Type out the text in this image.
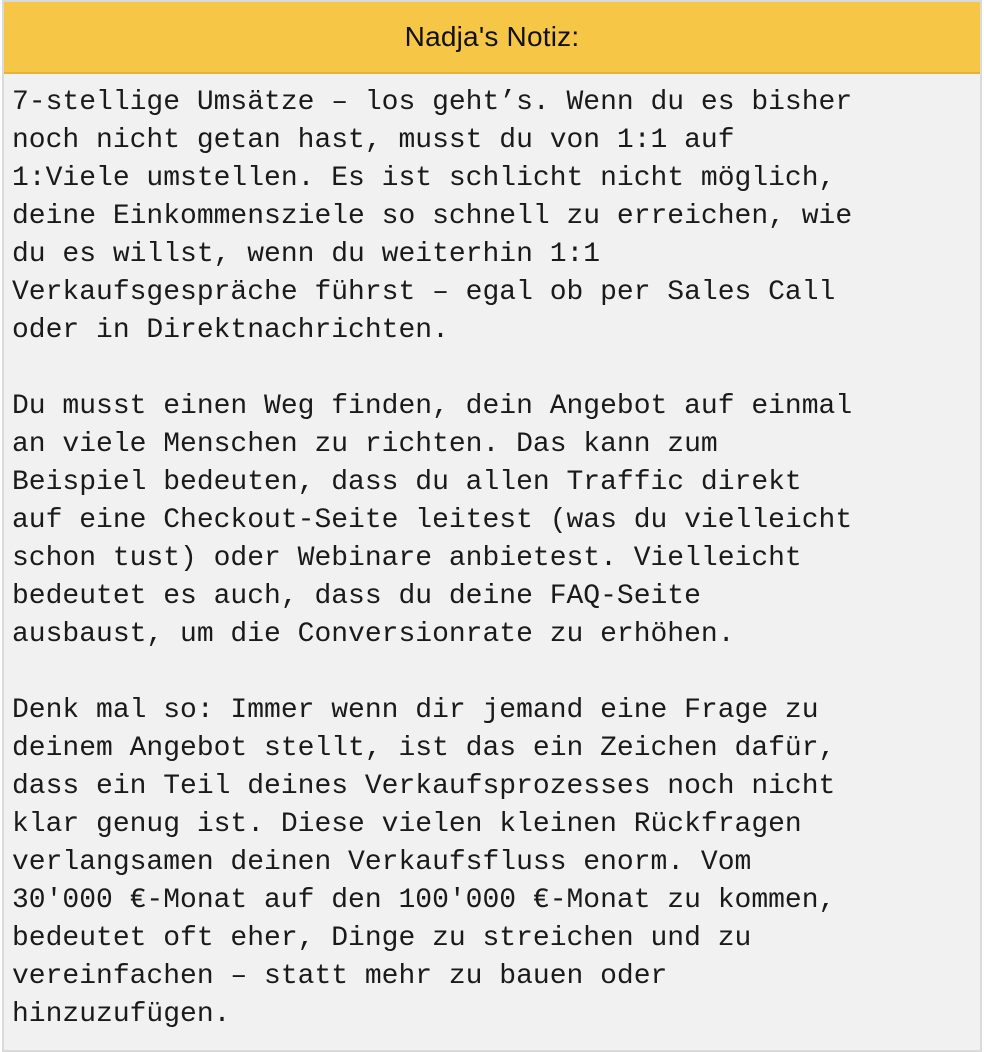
Nadja's Notiz:

7-stellige Umsätze – los geht’s. Wenn du es bisher
noch nicht getan hast, musst du von 1:1 auf
1:Viele umstellen. Es ist schlicht nicht möglich,
deine Einkommensziele so schnell zu erreichen, wie
du es willst, wenn du weiterhin 1:1
Verkaufsgespräche führst – egal ob per Sales Call
oder in Direktnachrichten.

Du musst einen Weg finden, dein Angebot auf einmal
an viele Menschen zu richten. Das kann zum
Beispiel bedeuten, dass du allen Traffic direkt
auf eine Checkout-Seite leitest (was du vielleicht
schon tust) oder Webinare anbietest. Vielleicht
bedeutet es auch, dass du deine FAQ-Seite
ausbaust, um die Conversionrate zu erhöhen.

Denk mal so: Immer wenn dir jemand eine Frage zu
deinem Angebot stellt, ist das ein Zeichen dafür,
dass ein Teil deines Verkaufsprozesses noch nicht
klar genug ist. Diese vielen kleinen Rückfragen
verlangsamen deinen Verkaufsfluss enorm. Vom
30'000 €-Monat auf den 100'000 €-Monat zu kommen,
bedeutet oft eher, Dinge zu streichen und zu
vereinfachen – statt mehr zu bauen oder
hinzuzufügen.
